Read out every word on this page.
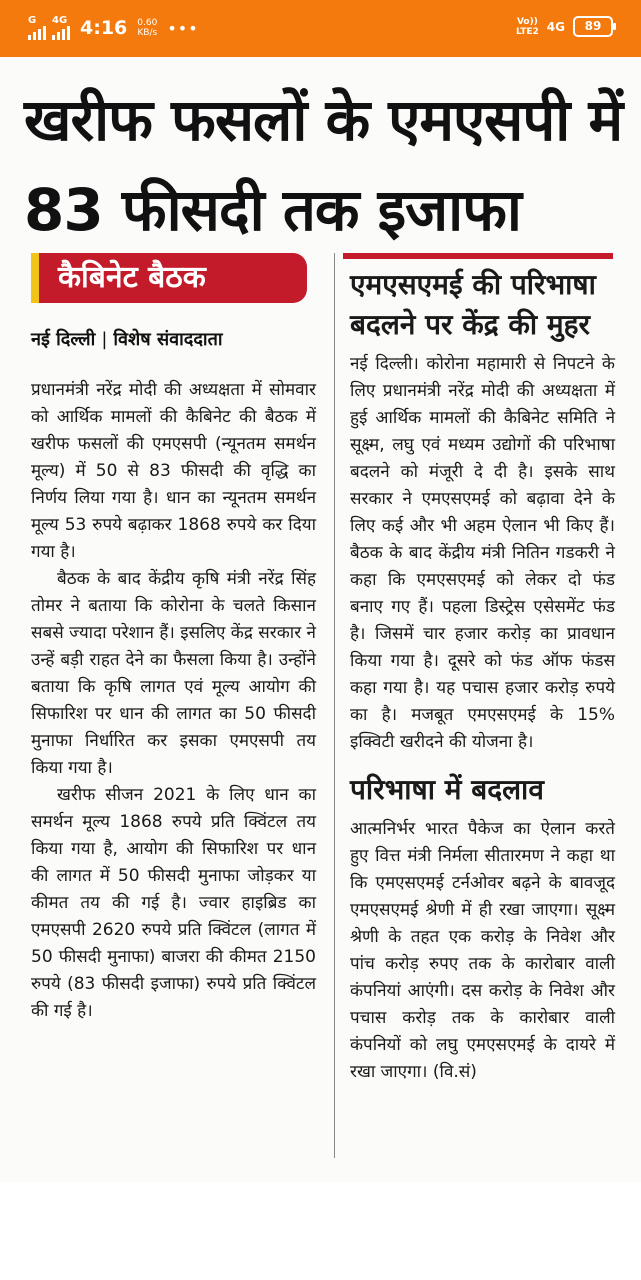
G 4G 4:16 0.60
KB/s •••	Vo))
LTE2 4G	89
खरीफ फसलों के एमएसपी में 83 फीसदी तक इजाफा
कैबिनेट बैठक
नई दिल्ली | विशेष संवाददाता

प्रधानमंत्री नरेंद्र मोदी की अध्यक्षता में सोमवार को आर्थिक मामलों की कैबिनेट की बैठक में खरीफ फसलों की एमएसपी (न्यूनतम समर्थन मूल्य) में 50 से 83 फीसदी की वृद्धि का निर्णय लिया गया है। धान का न्यूनतम समर्थन मूल्य 53 रुपये बढ़ाकर 1868 रुपये कर दिया गया है।

बैठक के बाद केंद्रीय कृषि मंत्री नरेंद्र सिंह तोमर ने बताया कि कोरोना के चलते किसान सबसे ज्यादा परेशान हैं। इसलिए केंद्र सरकार ने उन्हें बड़ी राहत देने का फैसला किया है। उन्होंने बताया कि कृषि लागत एवं मूल्य आयोग की सिफारिश पर धान की लागत का 50 फीसदी मुनाफा निर्धारित कर इसका एमएसपी तय किया गया है।

खरीफ सीजन 2021 के लिए धान का समर्थन मूल्य 1868 रुपये प्रति क्विंटल तय किया गया है, आयोग की सिफारिश पर धान की लागत में 50 फीसदी मुनाफा जोड़कर या कीमत तय की गई है। ज्वार हाइब्रिड का एमएसपी 2620 रुपये प्रति क्विंटल (लागत में 50 फीसदी मुनाफा) बाजरा की कीमत 2150 रुपये (83 फीसदी इजाफा) रुपये प्रति क्विंटल की गई है।

एमएसएमई की परिभाषा बदलने पर केंद्र की मुहर

नई दिल्ली। कोरोना महामारी से निपटने के लिए प्रधानमंत्री नरेंद्र मोदी की अध्यक्षता में हुई आर्थिक मामलों की कैबिनेट समिति ने सूक्ष्म, लघु एवं मध्यम उद्योगों की परिभाषा बदलने को मंजूरी दे दी है। इसके साथ सरकार ने एमएसएमई को बढ़ावा देने के लिए कई और भी अहम ऐलान भी किए हैं। बैठक के बाद केंद्रीय मंत्री नितिन गडकरी ने कहा कि एमएसएमई को लेकर दो फंड बनाए गए हैं। पहला डिस्ट्रेस एसेसमेंट फंड है। जिसमें चार हजार करोड़ का प्रावधान किया गया है। दूसरे को फंड ऑफ फंडस कहा गया है। यह पचास हजार करोड़ रुपये का है। मजबूत एमएसएमई के 15% इक्विटी खरीदने की योजना है।

परिभाषा में बदलाव

आत्मनिर्भर भारत पैकेज का ऐलान करते हुए वित्त मंत्री निर्मला सीतारमण ने कहा था कि एमएसएमई टर्नओवर बढ़ने के बावजूद एमएसएमई श्रेणी में ही रखा जाएगा। सूक्ष्म श्रेणी के तहत एक करोड़ के निवेश और पांच करोड़ रुपए तक के कारोबार वाली कंपनियां आएंगी। दस करोड़ के निवेश और पचास करोड़ तक के कारोबार वाली कंपनियों को लघु एमएसएमई के दायरे में रखा जाएगा। (वि.सं)
